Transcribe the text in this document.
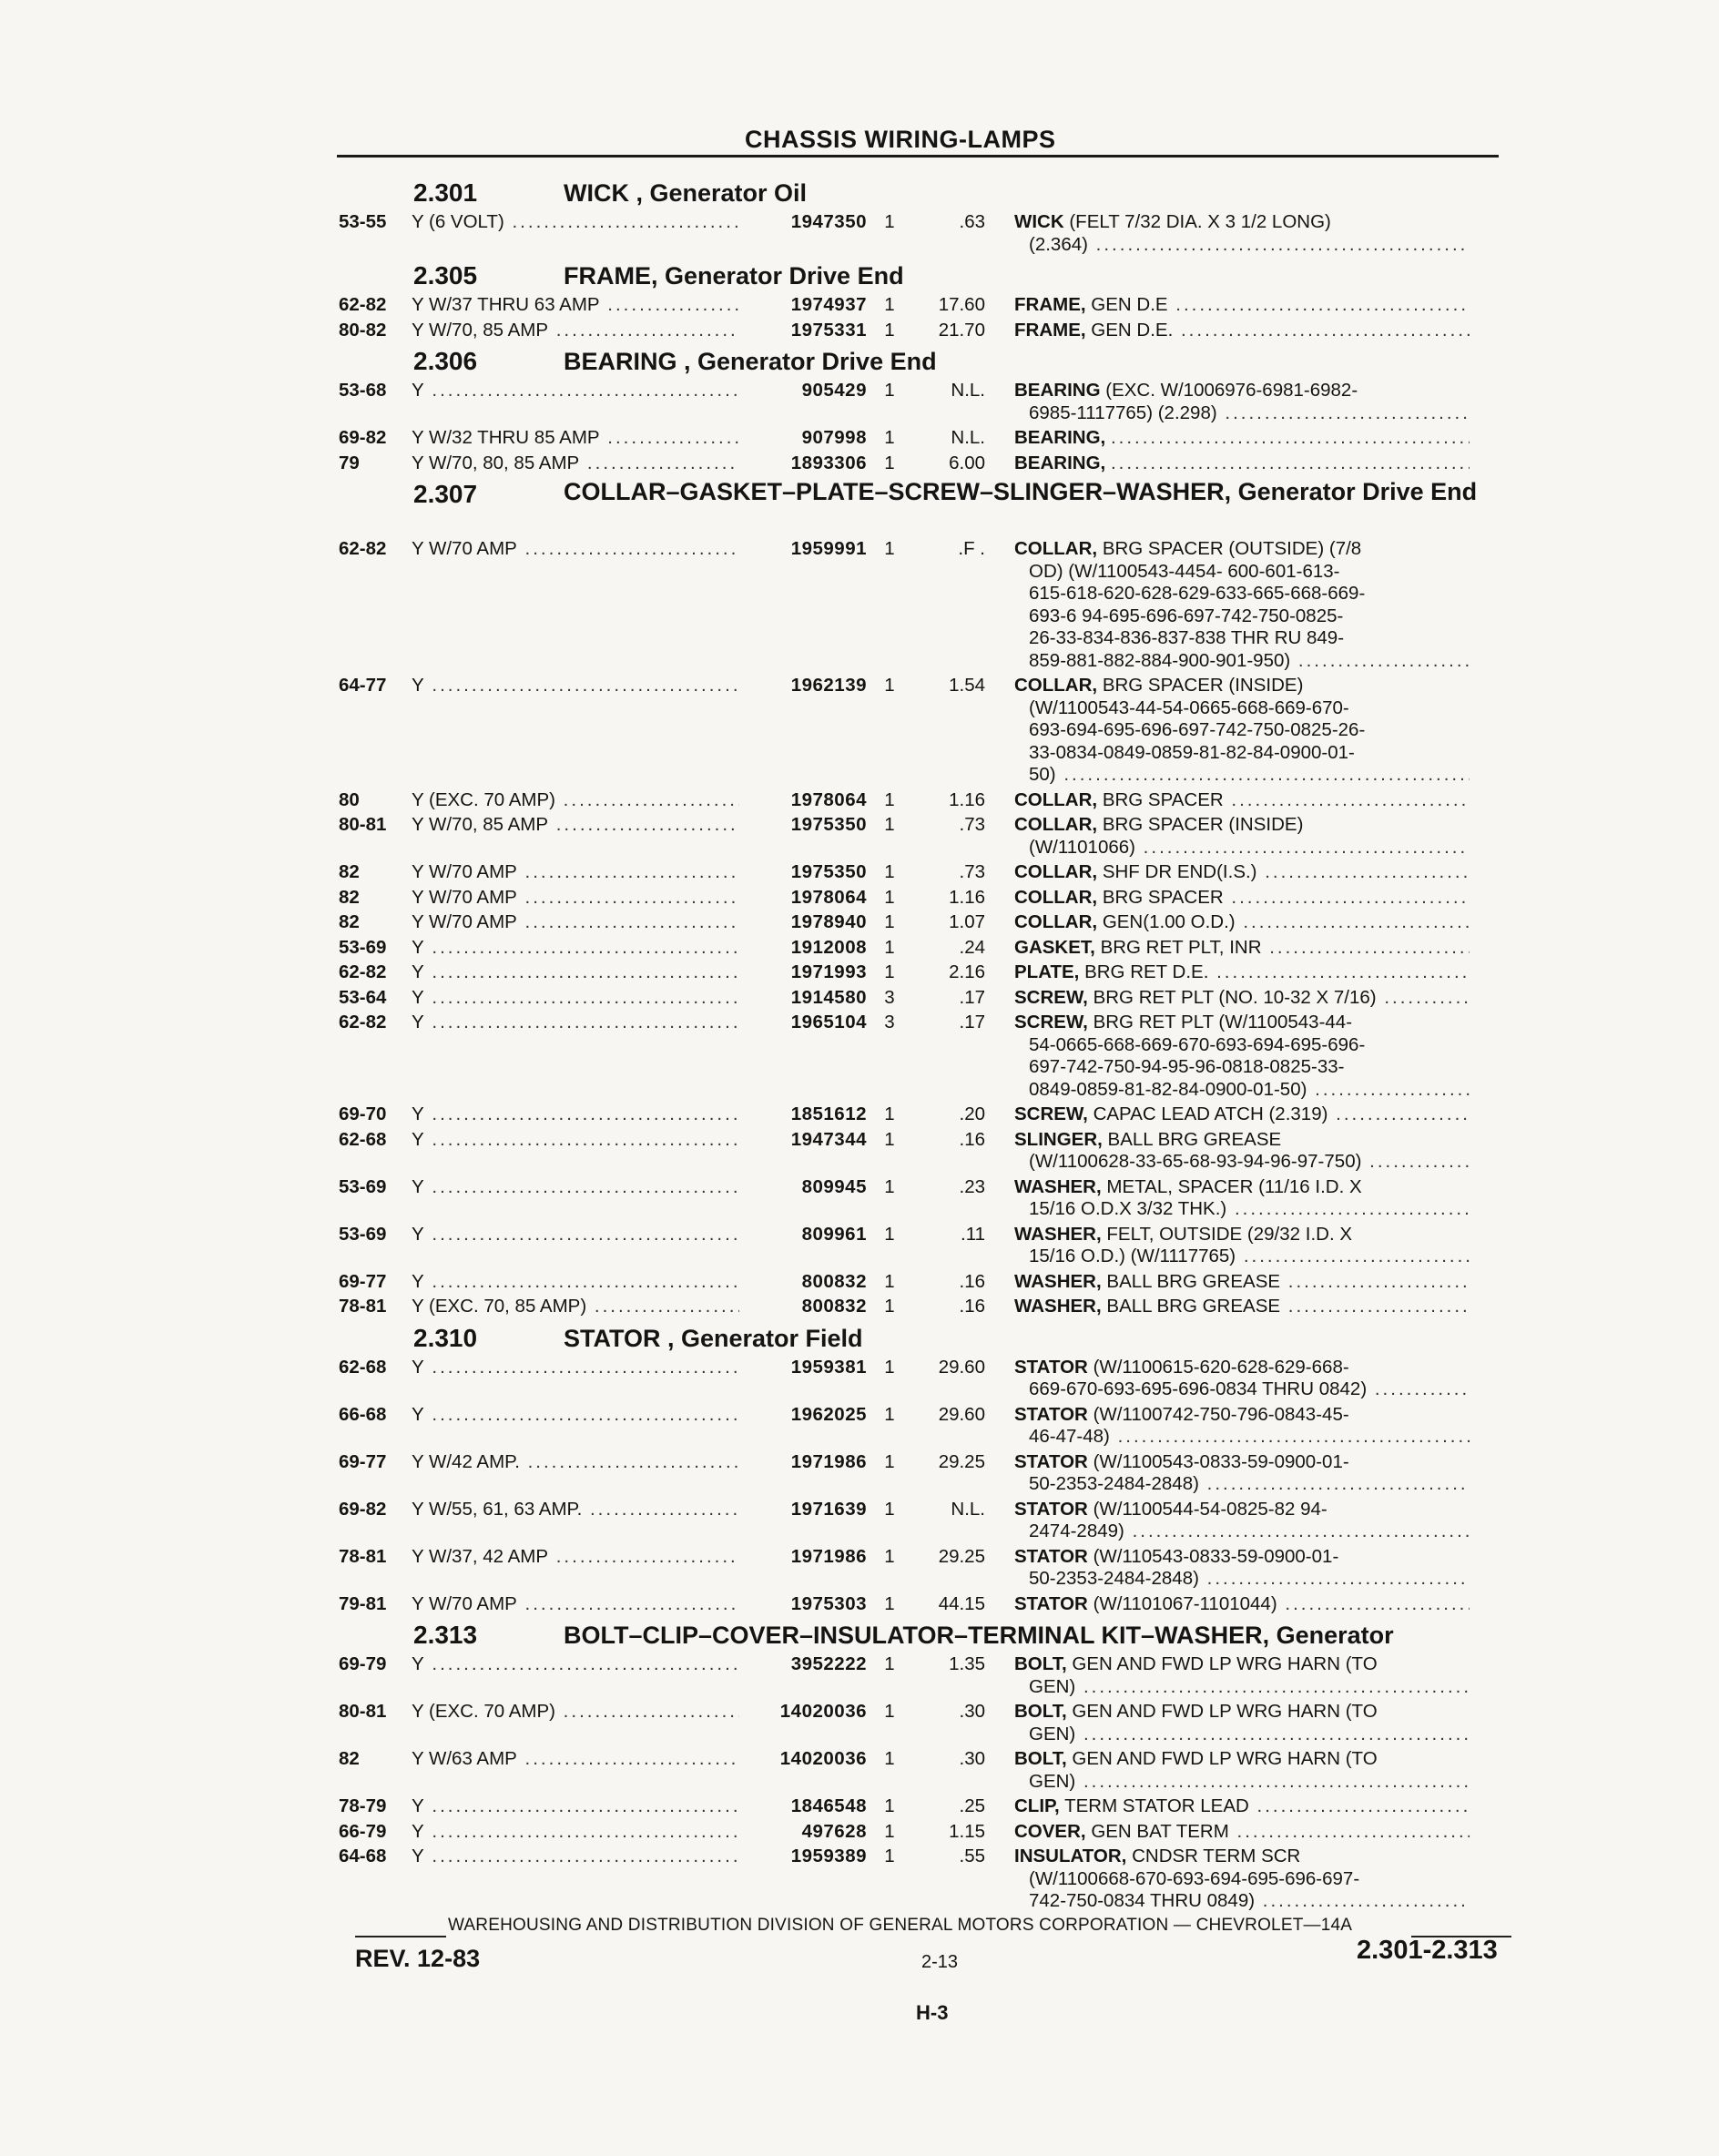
CHASSIS WIRING-LAMPS
2.301	WICK , Generator Oil
53-55	Y (6 VOLT) .....	1947350 1	.63 WICK (FELT 7/32 DIA. X 3 1/2 LONG)
(2.364) .....
2.305	FRAME, Generator Drive End
62-82	Y W/37 THRU 63 AMP .....	1974937 1	17.60 FRAME, GEN D.E .....
80-82	Y W/70, 85 AMP .....	1975331 1	21.70 FRAME, GEN D.E. .....
2.306	BEARING , Generator Drive End
53-68	Y .....	905429 1	N.L. BEARING (EXC. W/1006976-6981-6982-
6985-1117765) (2.298) .....
69-82	Y W/32 THRU 85 AMP .....	907998 1	N.L. BEARING, .....
79	Y W/70, 80, 85 AMP .....	1893306 1	6.00 BEARING, .....
2.307	COLLAR–GASKET–PLATE–SCREW–SLINGER–WASHER, Generator Drive End
62-82	Y W/70 AMP .....	1959991 1	.F . COLLAR, BRG SPACER (OUTSIDE) (7/8
OD) (W/1100543-4454- 600-601-613-
615-618-620-628-629-633-665-668-669-
693-6 94-695-696-697-742-750-0825-
26-33-834-836-837-838 THR RU 849-
859-881-882-884-900-901-950) .....
64-77	Y .....	1962139 1	1.54 COLLAR, BRG SPACER (INSIDE)
(W/1100543-44-54-0665-668-669-670-
693-694-695-696-697-742-750-0825-26-
33-0834-0849-0859-81-82-84-0900-01-
50) .....
80	Y (EXC. 70 AMP) .....	1978064 1	1.16 COLLAR, BRG SPACER .....
80-81	Y W/70, 85 AMP .....	1975350 1	.73 COLLAR, BRG SPACER (INSIDE)
(W/1101066) .....
82	Y W/70 AMP .....	1975350 1	.73 COLLAR, SHF DR END(I.S.) .....
82	Y W/70 AMP .....	1978064 1	1.16 COLLAR, BRG SPACER .....
82	Y W/70 AMP .....	1978940 1	1.07 COLLAR, GEN(1.00 O.D.) .....
53-69	Y .....	1912008 1	.24 GASKET, BRG RET PLT, INR .....
62-82	Y .....	1971993 1	2.16 PLATE, BRG RET D.E. .....
53-64	Y .....	1914580 3	.17 SCREW, BRG RET PLT (NO. 10-32 X 7/16) .....
62-82	Y .....	1965104 3	.17 SCREW, BRG RET PLT (W/1100543-44-
54-0665-668-669-670-693-694-695-696-
697-742-750-94-95-96-0818-0825-33-
0849-0859-81-82-84-0900-01-50) .....
69-70	Y .....	1851612 1	.20 SCREW, CAPAC LEAD ATCH (2.319) .....
62-68	Y .....	1947344 1	.16 SLINGER, BALL BRG GREASE
(W/1100628-33-65-68-93-94-96-97-750) .....
53-69	Y .....	809945 1	.23 WASHER, METAL, SPACER (11/16 I.D. X
15/16 O.D.X 3/32 THK.) .....
53-69	Y .....	809961 1	.11 WASHER, FELT, OUTSIDE (29/32 I.D. X
15/16 O.D.) (W/1117765) .....
69-77	Y .....	800832 1	.16 WASHER, BALL BRG GREASE .....
78-81	Y (EXC. 70, 85 AMP) .....	800832 1	.16 WASHER, BALL BRG GREASE .....
2.310	STATOR , Generator Field
62-68	Y .....	1959381 1	29.60 STATOR (W/1100615-620-628-629-668-
669-670-693-695-696-0834 THRU 0842) .....
66-68	Y .....	1962025 1	29.60 STATOR (W/1100742-750-796-0843-45-
46-47-48) .....
69-77	Y W/42 AMP. .....	1971986 1	29.25 STATOR (W/1100543-0833-59-0900-01-
50-2353-2484-2848) .....
69-82	Y W/55, 61, 63 AMP. .....	1971639 1	N.L. STATOR (W/1100544-54-0825-82 94-
2474-2849) .....
78-81	Y W/37, 42 AMP .....	1971986 1	29.25 STATOR (W/110543-0833-59-0900-01-
50-2353-2484-2848) .....
79-81	Y W/70 AMP .....	1975303 1	44.15 STATOR (W/1101067-1101044) .....
2.313	BOLT–CLIP–COVER–INSULATOR–TERMINAL KIT–WASHER, Generator
69-79	Y .....	3952222 1	1.35 BOLT, GEN AND FWD LP WRG HARN (TO
GEN) .....
80-81	Y (EXC. 70 AMP) .....	14020036 1	.30 BOLT, GEN AND FWD LP WRG HARN (TO
GEN) .....
82	Y W/63 AMP .....	14020036 1	.30 BOLT, GEN AND FWD LP WRG HARN (TO
GEN) .....
78-79	Y .....	1846548 1	.25 CLIP, TERM STATOR LEAD .....
66-79	Y .....	497628 1	1.15 COVER, GEN BAT TERM .....
64-68	Y .....	1959389 1	.55 INSULATOR, CNDSR TERM SCR
(W/1100668-670-693-694-695-696-697-
742-750-0834 THRU 0849) .....
WAREHOUSING AND DISTRIBUTION DIVISION OF GENERAL MOTORS CORPORATION — CHEVROLET—14A
REV. 12-83	2-13	2.301-2.313
H-3
